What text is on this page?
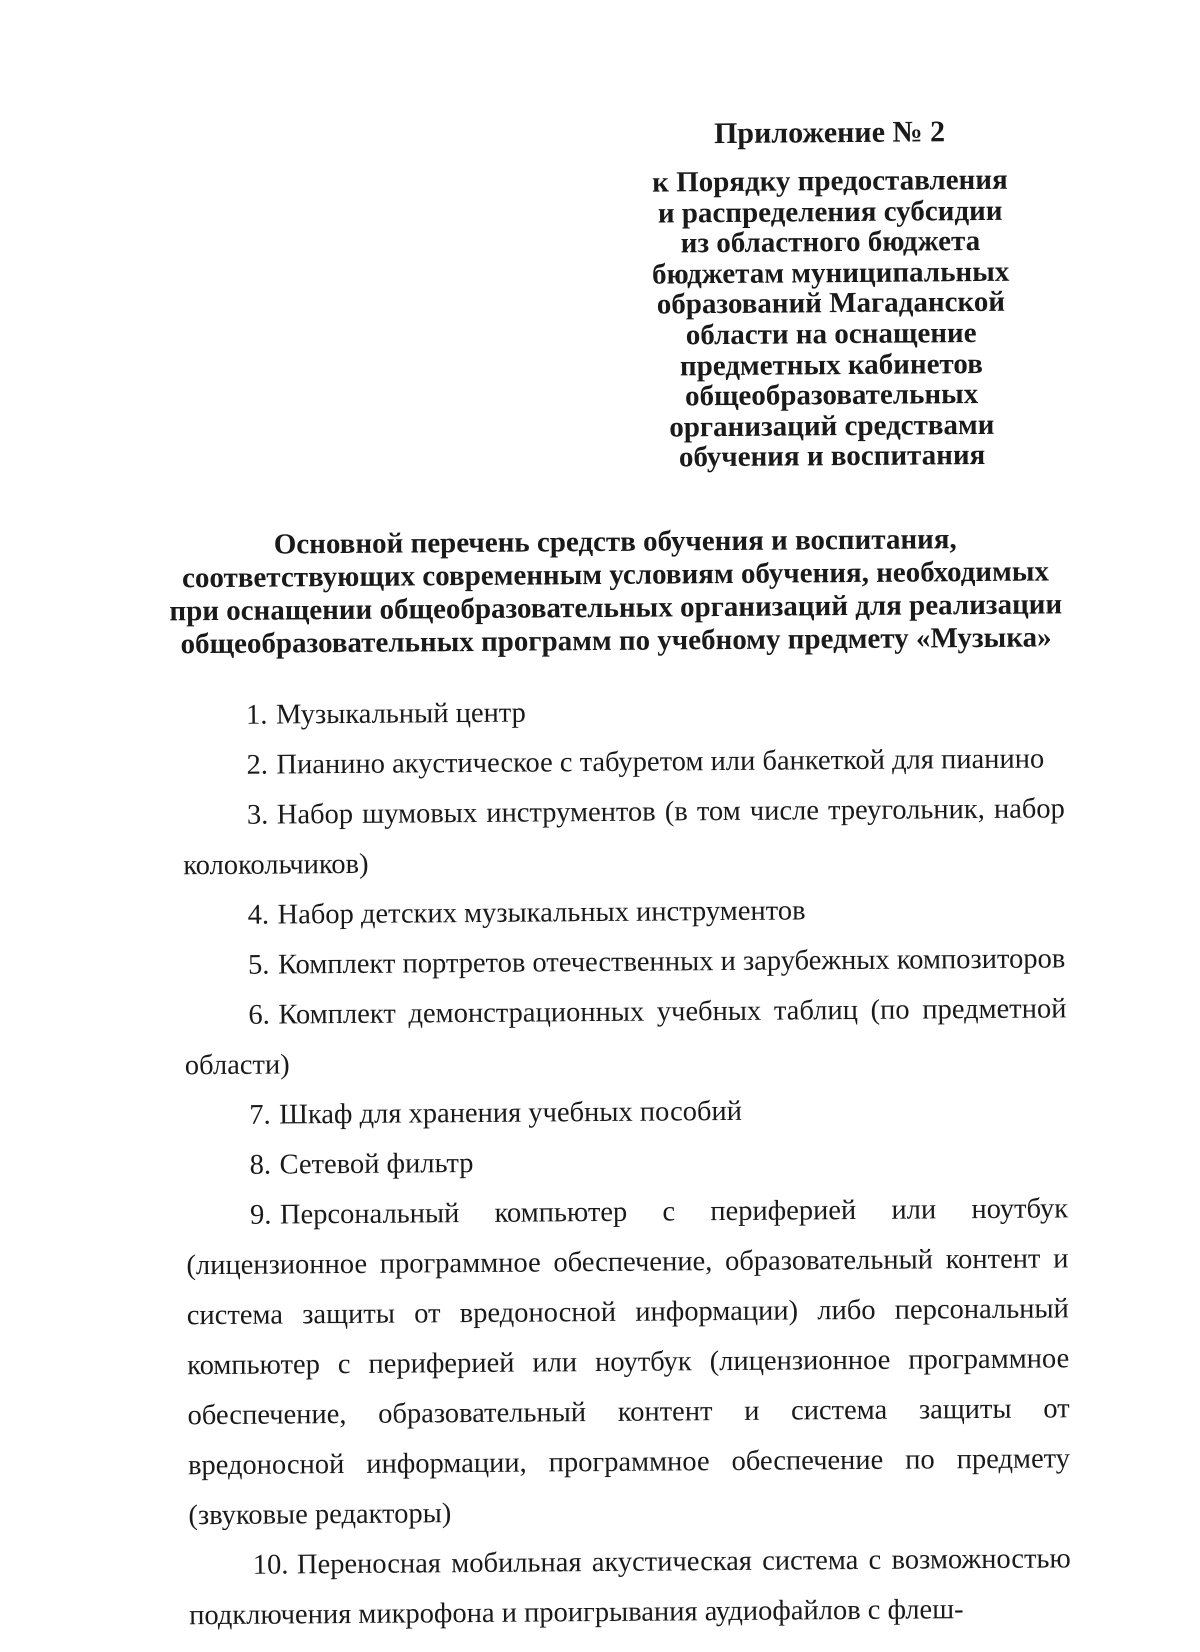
Приложение № 2
к Порядку предоставления
и распределения субсидии
из областного бюджета
бюджетам муниципальных
образований Магаданской
области на оснащение
предметных кабинетов
общеобразовательных
организаций средствами
обучения и воспитания
Основной перечень средств обучения и воспитания,
соответствующих современным условиям обучения, необходимых
при оснащении общеобразовательных организаций для реализации
общеобразовательных программ по учебному предмету «Музыка»

1. Музыкальный центр

2. Пианино акустическое с табуретом или банкеткой для пианино

3. Набор шумовых инструментов (в том числе треугольник, набор колокольчиков)

4. Набор детских музыкальных инструментов

5. Комплект портретов отечественных и зарубежных композиторов

6. Комплект демонстрационных учебных таблиц (по предметной области)

7. Шкаф для хранения учебных пособий

8. Сетевой фильтр

9. Персональный компьютер с периферией или ноутбук (лицензионное программное обеспечение, образовательный контент и система защиты от вредоносной информации) либо персональный компьютер с периферией или ноутбук (лицензионное программное обеспечение, образовательный контент и система защиты от вредоносной информации, программное обеспечение по предмету (звуковые редакторы)

10. Переносная мобильная акустическая система с возможностью подключения микрофона и проигрывания аудиофайлов с флеш-
